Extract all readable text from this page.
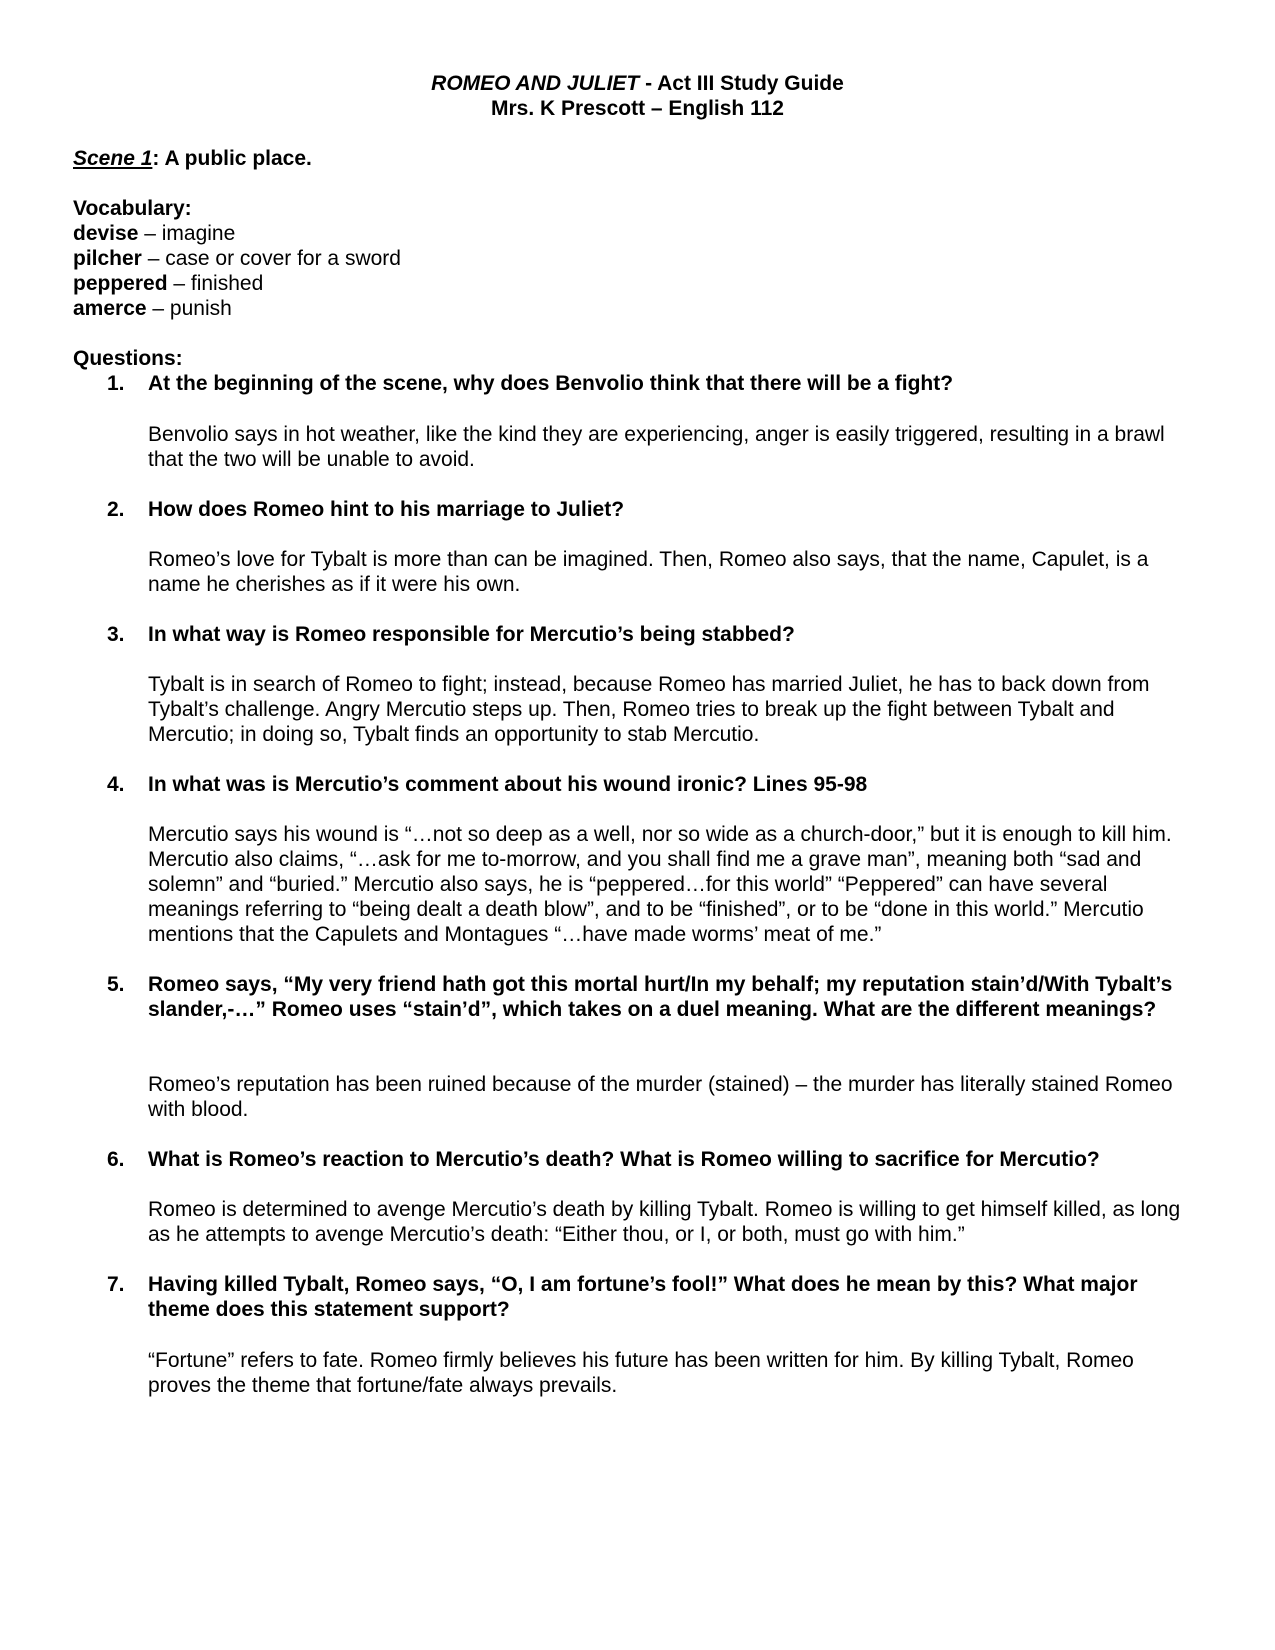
ROMEO AND JULIET - Act III Study Guide
Mrs. K Prescott – English 112
Scene 1: A public place.
Vocabulary:
devise – imagine
pilcher – case or cover for a sword
peppered – finished
amerce – punish
Questions:
1. At the beginning of the scene, why does Benvolio think that there will be a fight?
Benvolio says in hot weather, like the kind they are experiencing, anger is easily triggered, resulting in a brawl that the two will be unable to avoid.
2. How does Romeo hint to his marriage to Juliet?
Romeo’s love for Tybalt is more than can be imagined. Then, Romeo also says, that the name, Capulet, is a name he cherishes as if it were his own.
3. In what way is Romeo responsible for Mercutio’s being stabbed?
Tybalt is in search of Romeo to fight; instead, because Romeo has married Juliet, he has to back down from Tybalt’s challenge. Angry Mercutio steps up. Then, Romeo tries to break up the fight between Tybalt and Mercutio; in doing so, Tybalt finds an opportunity to stab Mercutio.
4. In what was is Mercutio’s comment about his wound ironic? Lines 95-98
Mercutio says his wound is “…not so deep as a well, nor so wide as a church-door,” but it is enough to kill him. Mercutio also claims, “…ask for me to-morrow, and you shall find me a grave man”, meaning both “sad and solemn” and “buried.” Mercutio also says, he is “peppered…for this world” “Peppered” can have several meanings referring to “being dealt a death blow”, and to be “finished”, or to be “done in this world.” Mercutio mentions that the Capulets and Montagues “…have made worms’ meat of me.”
5. Romeo says, “My very friend hath got this mortal hurt/In my behalf; my reputation stain’d/With Tybalt’s slander,-…” Romeo uses “stain’d”, which takes on a duel meaning. What are the different meanings?
Romeo’s reputation has been ruined because of the murder (stained) – the murder has literally stained Romeo with blood.
6. What is Romeo’s reaction to Mercutio’s death? What is Romeo willing to sacrifice for Mercutio?
Romeo is determined to avenge Mercutio’s death by killing Tybalt. Romeo is willing to get himself killed, as long as he attempts to avenge Mercutio’s death: “Either thou, or I, or both, must go with him.”
7. Having killed Tybalt, Romeo says, “O, I am fortune’s fool!” What does he mean by this? What major theme does this statement support?
“Fortune” refers to fate. Romeo firmly believes his future has been written for him. By killing Tybalt, Romeo proves the theme that fortune/fate always prevails.
